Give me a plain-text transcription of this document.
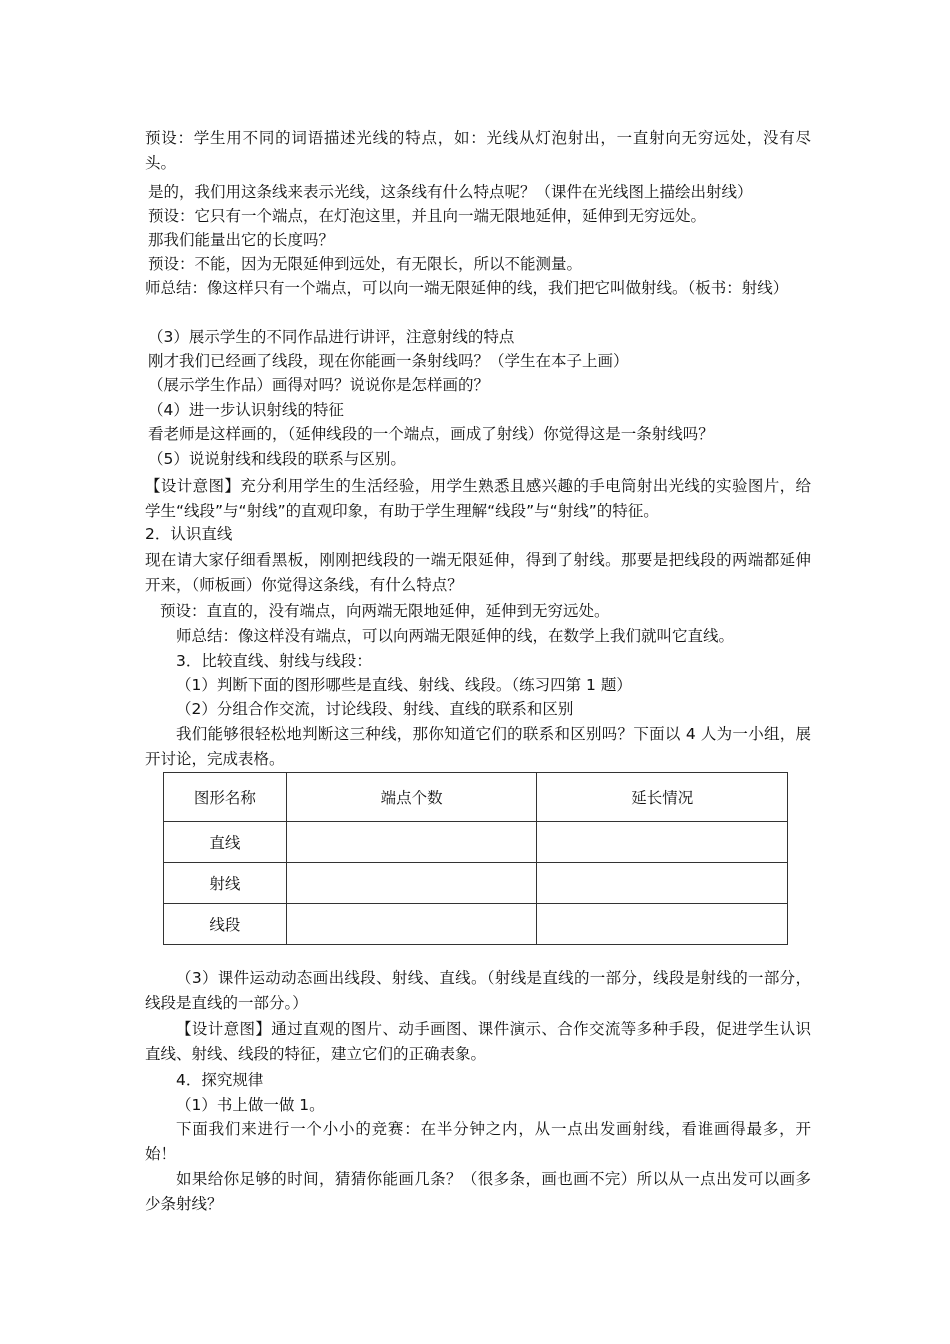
预设：学生用不同的词语描述光线的特点，如：光线从灯泡射出，一直射向无穷远处，没有尽头。

是的，我们用这条线来表示光线，这条线有什么特点呢？（课件在光线图上描绘出射线）

预设：它只有一个端点，在灯泡这里，并且向一端无限地延伸，延伸到无穷远处。

那我们能量出它的长度吗？

预设：不能，因为无限延伸到远处，有无限长，所以不能测量。

师总结：像这样只有一个端点，可以向一端无限延伸的线，我们把它叫做射线。（板书：射线）

（3）展示学生的不同作品进行讲评，注意射线的特点

刚才我们已经画了线段，现在你能画一条射线吗？（学生在本子上画）

（展示学生作品）画得对吗？说说你是怎样画的？

（4）进一步认识射线的特征

看老师是这样画的，（延伸线段的一个端点，画成了射线）你觉得这是一条射线吗？

（5）说说射线和线段的联系与区别。

【设计意图】充分利用学生的生活经验，用学生熟悉且感兴趣的手电筒射出光线的实验图片，给学生“线段”与“射线”的直观印象，有助于学生理解“线段”与“射线”的特征。

2．认识直线

现在请大家仔细看黑板，刚刚把线段的一端无限延伸，得到了射线。那要是把线段的两端都延伸开来，（师板画）你觉得这条线，有什么特点？

预设：直直的，没有端点，向两端无限地延伸，延伸到无穷远处。

师总结：像这样没有端点，可以向两端无限延伸的线，在数学上我们就叫它直线。

3．比较直线、射线与线段：

（1）判断下面的图形哪些是直线、射线、线段。（练习四第 1 题）

（2）分组合作交流，讨论线段、射线、直线的联系和区别

我们能够很轻松地判断这三种线，那你知道它们的联系和区别吗？下面以 4 人为一小组，展开讨论，完成表格。

图形名称	端点个数	延长情况
直线		
射线		
线段		

（3）课件运动动态画出线段、射线、直线。（射线是直线的一部分，线段是射线的一部分，线段是直线的一部分。）

【设计意图】通过直观的图片、动手画图、课件演示、合作交流等多种手段，促进学生认识直线、射线、线段的特征，建立它们的正确表象。

4．探究规律

（1）书上做一做 1。

下面我们来进行一个小小的竞赛：在半分钟之内，从一点出发画射线，看谁画得最多，开始！

如果给你足够的时间，猜猜你能画几条？（很多条，画也画不完）所以从一点出发可以画多少条射线？
